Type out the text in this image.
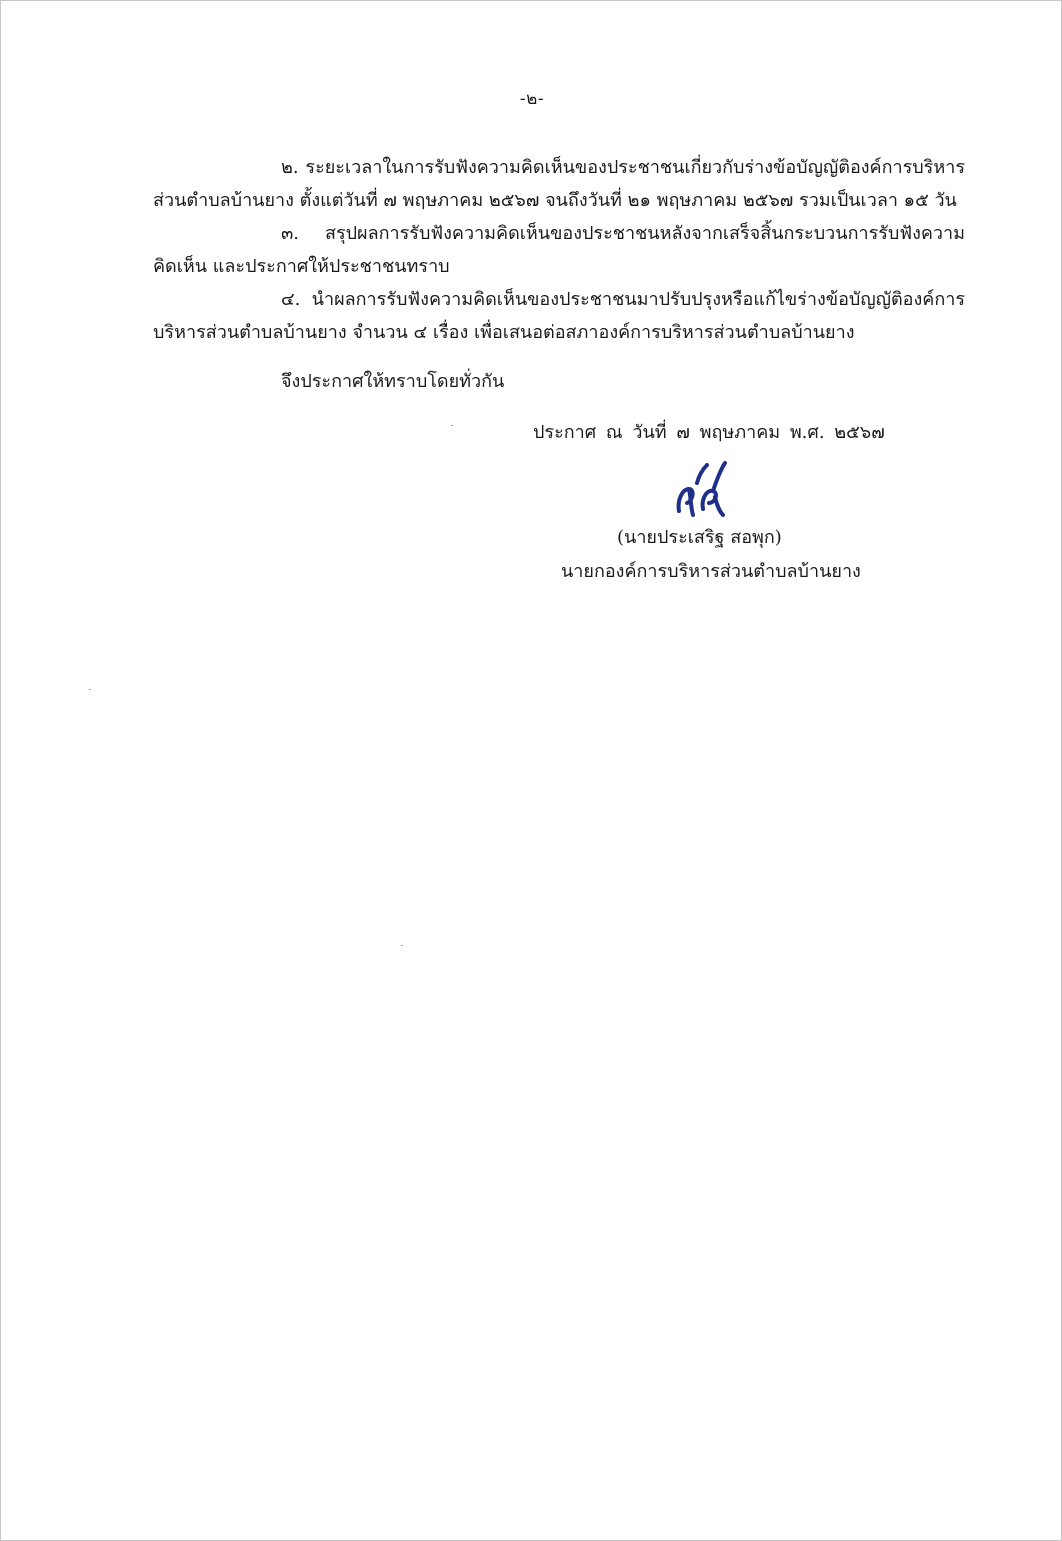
-๒-

๒. ระยะเวลาในการรับฟังความคิดเห็นของประชาชนเกี่ยวกับร่างข้อบัญญัติองค์การบริหาร ส่วนตำบลบ้านยาง ตั้งแต่วันที่ ๗ พฤษภาคม ๒๕๖๗ จนถึงวันที่ ๒๑ พฤษภาคม ๒๕๖๗ รวมเป็นเวลา ๑๕ วัน

๓. สรุปผลการรับฟังความคิดเห็นของประชาชนหลังจากเสร็จสิ้นกระบวนการรับฟังความ คิดเห็น และประกาศให้ประชาชนทราบ

๔. นำผลการรับฟังความคิดเห็นของประชาชนมาปรับปรุงหรือแก้ไขร่างข้อบัญญัติองค์การ บริหารส่วนตำบลบ้านยาง จำนวน ๔ เรื่อง เพื่อเสนอต่อสภาองค์การบริหารส่วนตำบลบ้านยาง

จึงประกาศให้ทราบโดยทั่วกัน
ประกาศ ณ วันที่ ๗ พฤษภาคม พ.ศ. ๒๕๖๗
(นายประเสริฐ สอพุก)
นายกองค์การบริหารส่วนตำบลบ้านยาง
